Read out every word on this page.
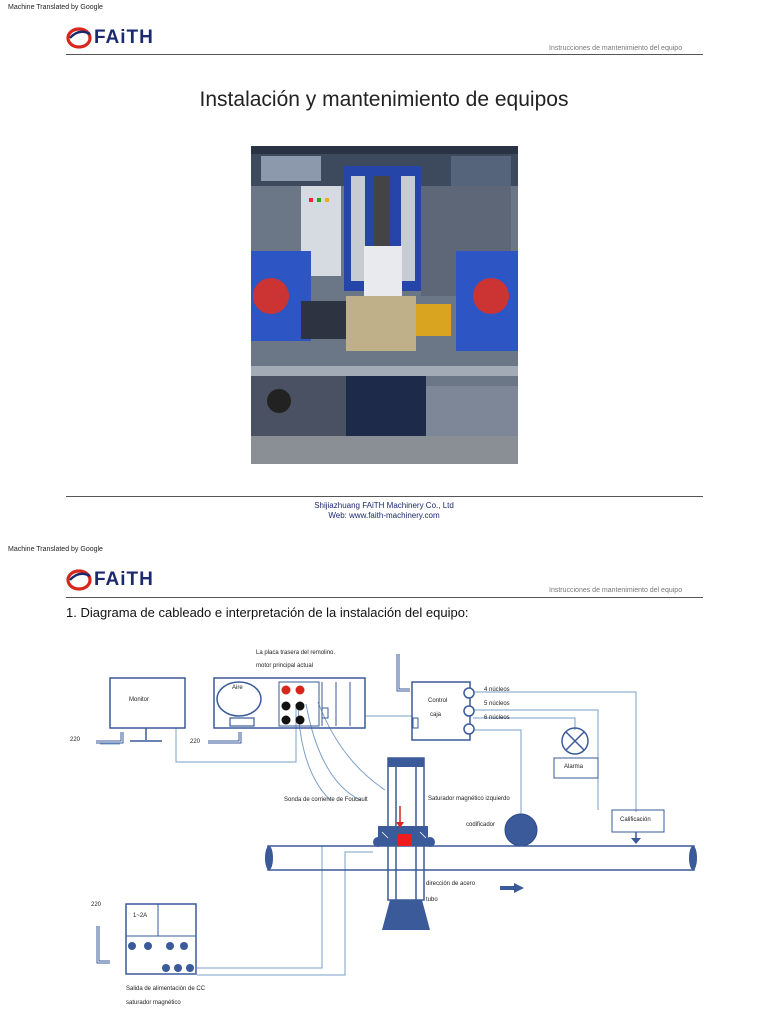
Machine Translated by Google
FAiTH
Instrucciones de mantenimiento del equipo
Instalación y mantenimiento de equipos
Shijiazhuang FAiTH Machinery Co., Ltd
Web: www.faith-machinery.com
Machine Translated by Google
FAiTH
Instrucciones de mantenimiento del equipo
1. Diagrama de cableado e interpretación de la instalación del equipo:
La placa trasera del remolino.
motor principal actual
Monitor
220	220
Aire
Control
caja
4 núcleos
5 núcleos
6 núcleos
Alarma
Sonda de corriente de Foucault	Saturador magnético izquierdo
codificador
Calificación
dirección de acero
tubo
220
1~2A
Salida de alimentación de CC
saturador magnético
